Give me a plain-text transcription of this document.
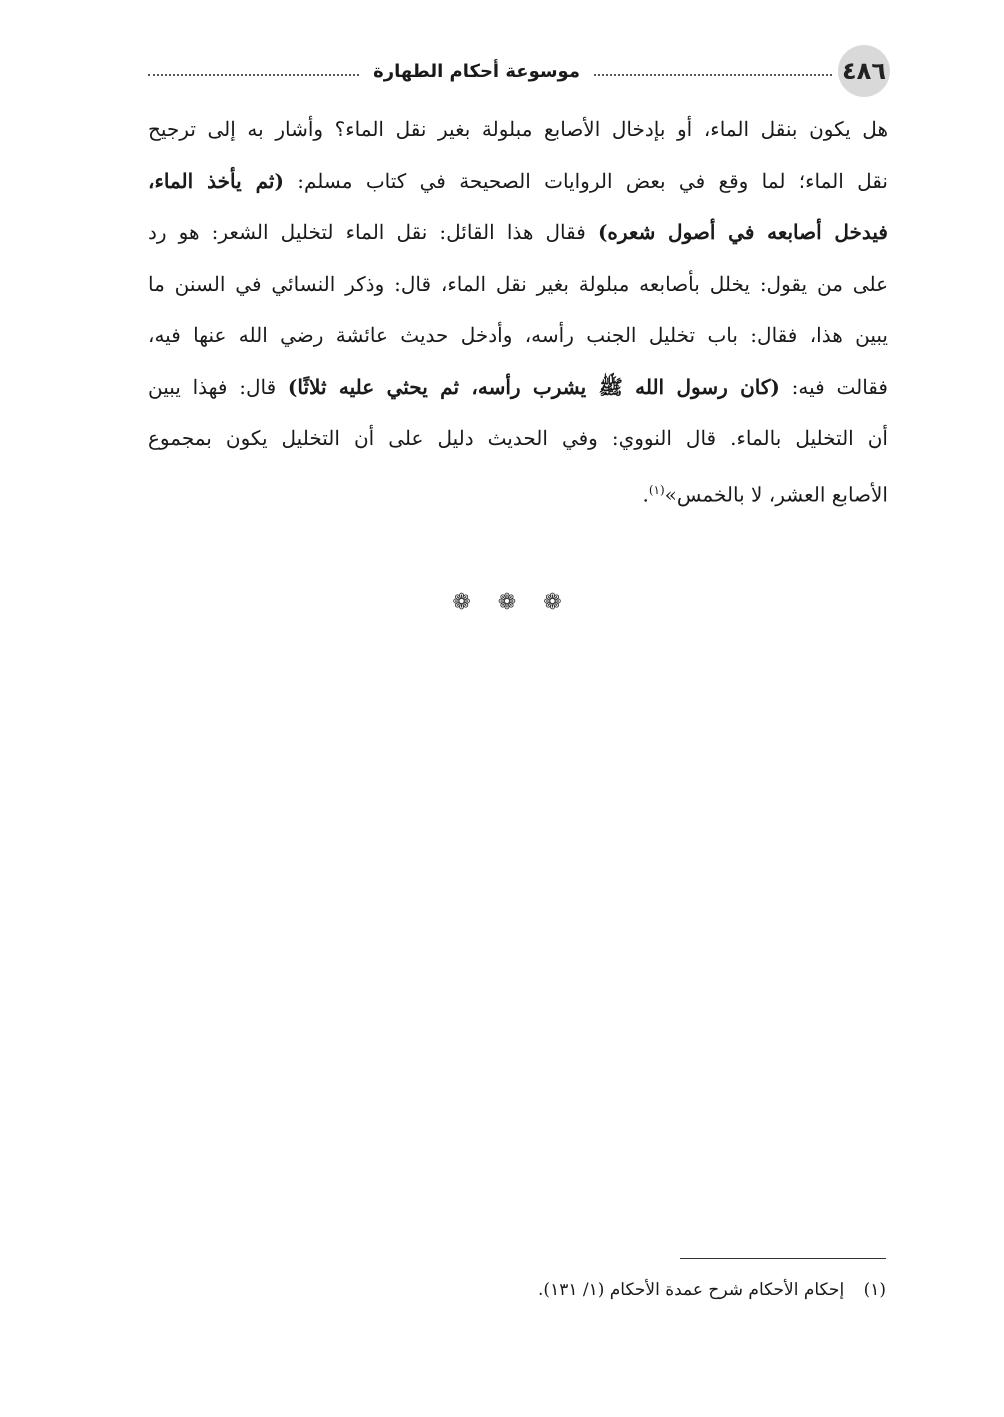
٤٨٦
موسوعة أحكام الطهارة
هل يكون بنقل الماء، أو بإدخال الأصابع مبلولة بغير نقل الماء؟ وأشار به إلى ترجيح
نقل الماء؛ لما وقع في بعض الروايات الصحيحة في كتاب مسلم: (ثم يأخذ الماء،
فيدخل أصابعه في أصول شعره) فقال هذا القائل: نقل الماء لتخليل الشعر: هو رد
على من يقول: يخلل بأصابعه مبلولة بغير نقل الماء، قال: وذكر النسائي في السنن ما
يبين هذا، فقال: باب تخليل الجنب رأسه، وأدخل حديث عائشة رضي الله عنها فيه،
فقالت فيه: (كان رسول الله ﷺ يشرب رأسه، ثم يحثي عليه ثلاثًا) قال: فهذا يبين
أن التخليل بالماء. قال النووي: وفي الحديث دليل على أن التخليل يكون بمجموع
الأصابع العشر، لا بالخمس»$^{(١)}$.
❁ ❁ ❁
(١) إحكام الأحكام شرح عمدة الأحكام (١/ ١٣١).
